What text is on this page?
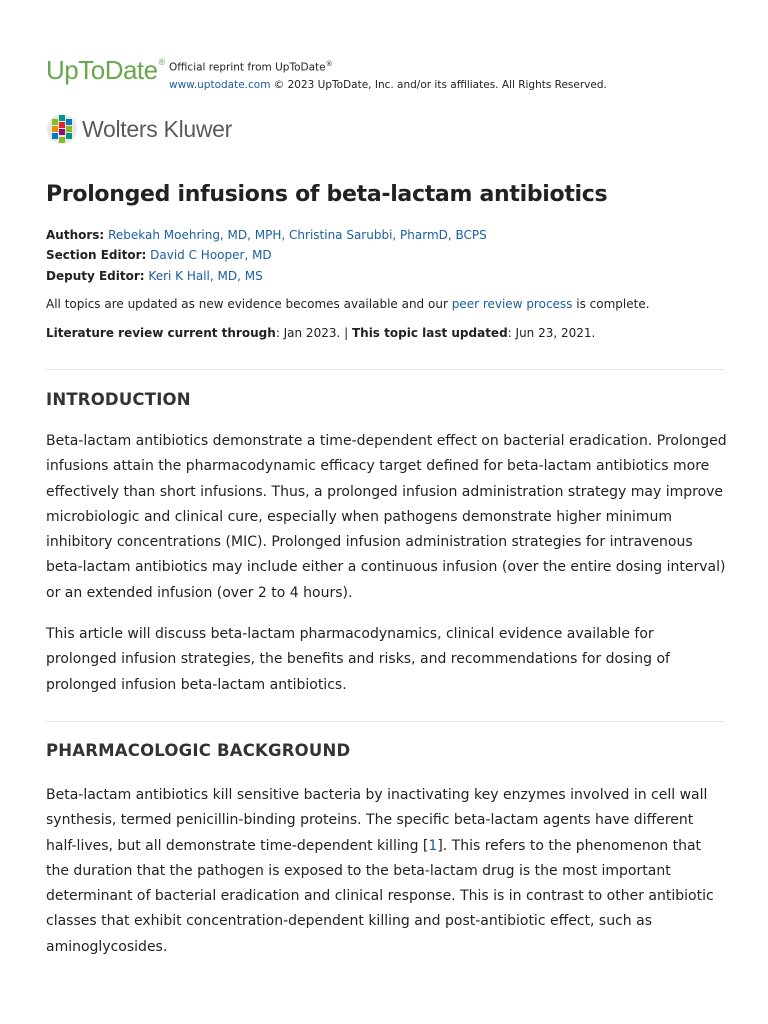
UpToDate® Official reprint from UpToDate®
www.uptodate.com © 2023 UpToDate, Inc. and/or its affiliates. All Rights Reserved.
Wolters Kluwer
Prolonged infusions of beta-lactam antibiotics
Authors: Rebekah Moehring, MD, MPH, Christina Sarubbi, PharmD, BCPS
Section Editor: David C Hooper, MD
Deputy Editor: Keri K Hall, MD, MS
All topics are updated as new evidence becomes available and our peer review process is complete.
Literature review current through: Jan 2023. | This topic last updated: Jun 23, 2021.
INTRODUCTION

Beta-lactam antibiotics demonstrate a time-dependent effect on bacterial eradication. Prolonged infusions attain the pharmacodynamic efficacy target defined for beta-lactam antibiotics more effectively than short infusions. Thus, a prolonged infusion administration strategy may improve microbiologic and clinical cure, especially when pathogens demonstrate higher minimum inhibitory concentrations (MIC). Prolonged infusion administration strategies for intravenous beta-lactam antibiotics may include either a continuous infusion (over the entire dosing interval) or an extended infusion (over 2 to 4 hours).

This article will discuss beta-lactam pharmacodynamics, clinical evidence available for prolonged infusion strategies, the benefits and risks, and recommendations for dosing of prolonged infusion beta-lactam antibiotics.

PHARMACOLOGIC BACKGROUND

Beta-lactam antibiotics kill sensitive bacteria by inactivating key enzymes involved in cell wall synthesis, termed penicillin-binding proteins. The specific beta-lactam agents have different half-lives, but all demonstrate time-dependent killing [1]. This refers to the phenomenon that the duration that the pathogen is exposed to the beta-lactam drug is the most important determinant of bacterial eradication and clinical response. This is in contrast to other antibiotic classes that exhibit concentration-dependent killing and post-antibiotic effect, such as aminoglycosides.
